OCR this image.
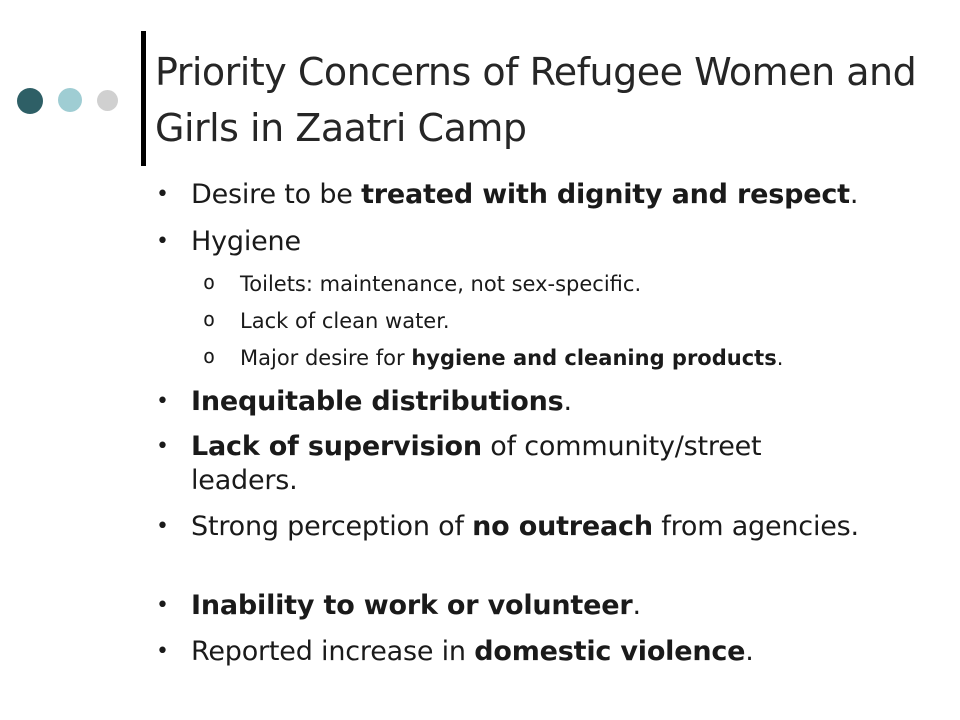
Priority Concerns of Refugee Women and Girls in Zaatri Camp
• Desire to be treated with dignity and respect.
• Hygiene
o Toilets: maintenance, not sex-specific.
o Lack of clean water.
o Major desire for hygiene and cleaning products.
• Inequitable distributions.
• Lack of supervision of community/street leaders.
• Strong perception of no outreach from agencies.
• Inability to work or volunteer.
• Reported increase in domestic violence.
